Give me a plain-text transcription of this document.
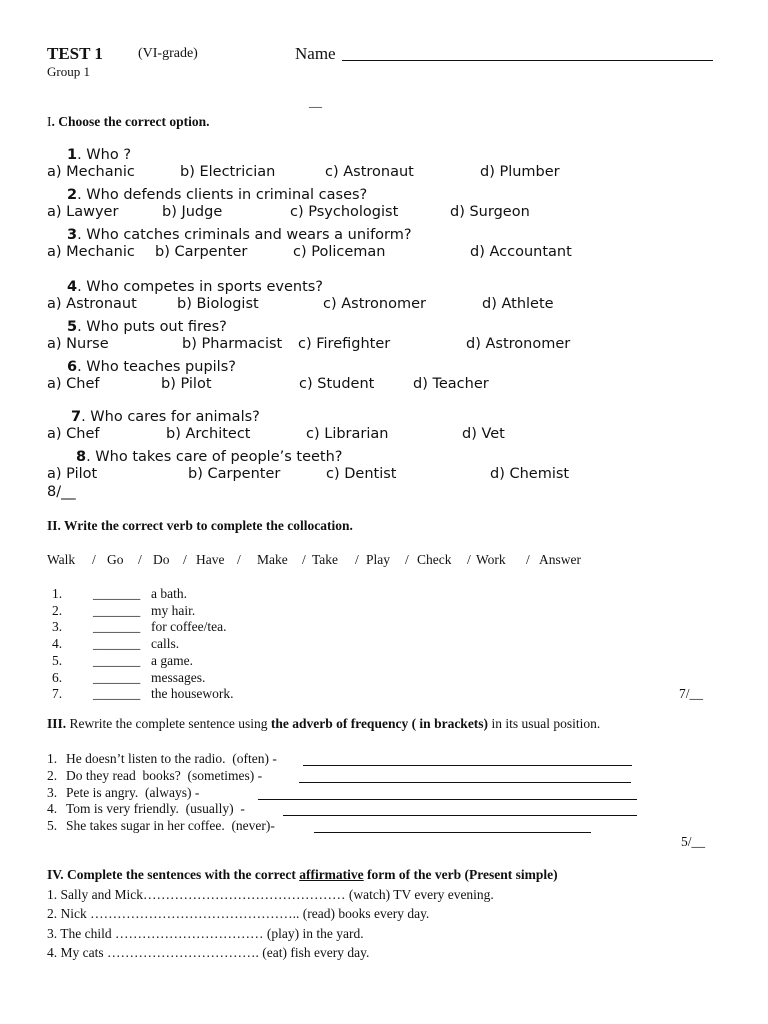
TEST 1	(VI-grade)	Name
Group 1
__
I. Choose the correct option.
1. Who ?
a) Mechanic	b) Electrician	c) Astronaut	d) Plumber
2. Who defends clients in criminal cases?
a) Lawyer	b) Judge	c) Psychologist	d) Surgeon
3. Who catches criminals and wears a uniform?
a) Mechanic b) Carpenter	c) Policeman	d) Accountant
4. Who competes in sports events?
a) Astronaut	b) Biologist	c) Astronomer	d) Athlete
5. Who puts out fires?
a) Nurse	b) Pharmacist c) Firefighter	d) Astronomer
6. Who teaches pupils?
a) Chef	b) Pilot	c) Student	d) Teacher
7. Who cares for animals?
a) Chef	b) Architect	c) Librarian	d) Vet
8. Who takes care of people’s teeth?
a) Pilot	b) Carpenter	c) Dentist	d) Chemist
8/__
II. Write the correct verb to complete the collocation.
Walk Go Do Have Make Take Play Check Work Answer
/	/	/	/	/	/	/	/	/
1. _______ a bath.
2. _______ my hair.
3. _______ for coffee/tea.
4. _______ calls.
5. _______ a game.
6. _______ messages.
7. _______ the housework.	7/__
III. Rewrite the complete sentence using the adverb of frequency ( in brackets) in its usual position.
1. He doesn’t listen to the radio.  (often) -
2. Do they read  books?  (sometimes) -
3. Pete is angry.  (always) -
4. Tom is very friendly.  (usually)  -
5. She takes sugar in her coffee.  (never)-
5/__
IV. Complete the sentences with the correct affirmative form of the verb (Present simple)
1. Sally and Mick……………………………………… (watch) TV every evening.
2. Nick ……………………………………….. (read) books every day.
3. The child …………………………… (play) in the yard.
4. My cats ……………………………. (eat) fish every day.
